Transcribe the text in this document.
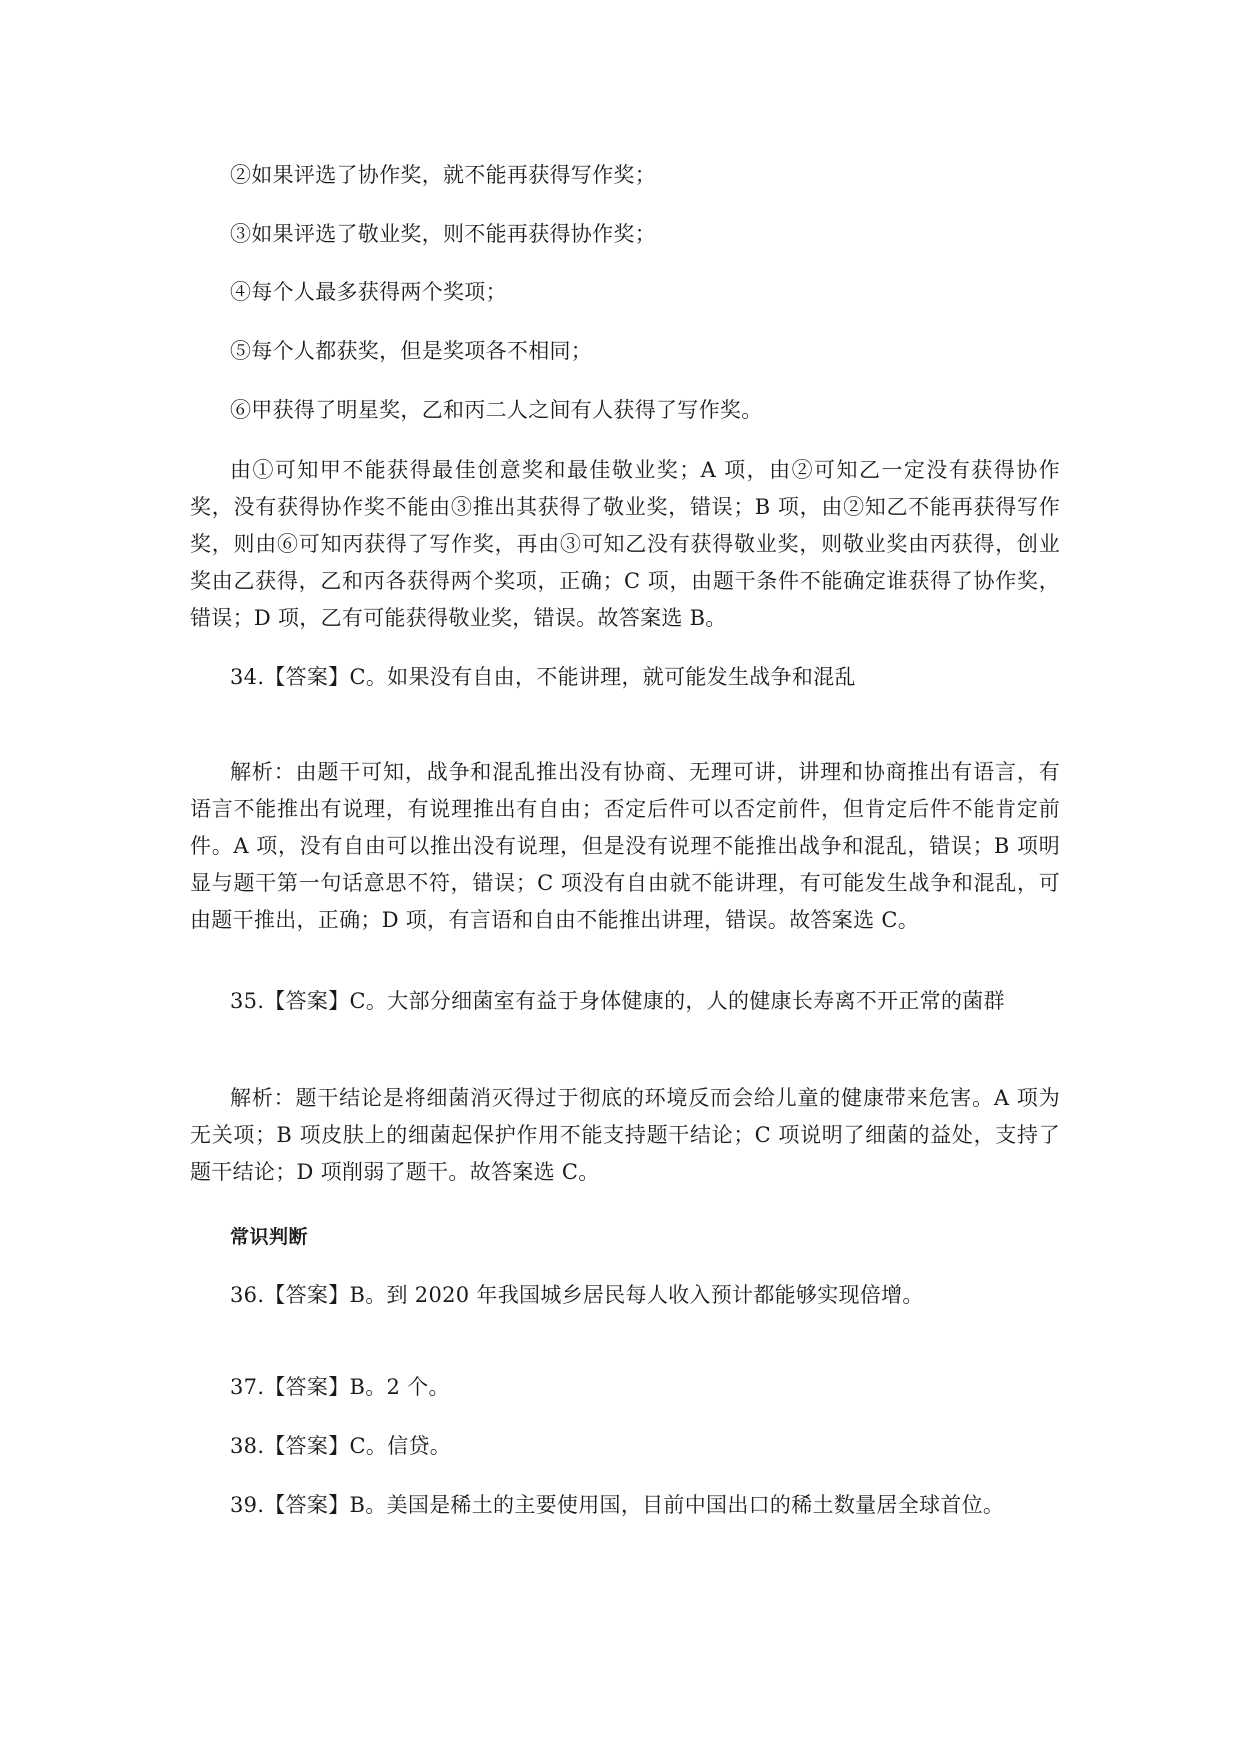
②如果评选了协作奖，就不能再获得写作奖；
③如果评选了敬业奖，则不能再获得协作奖；
④每个人最多获得两个奖项；
⑤每个人都获奖，但是奖项各不相同；
⑥甲获得了明星奖，乙和丙二人之间有人获得了写作奖。
由①可知甲不能获得最佳创意奖和最佳敬业奖；A 项，由②可知乙一定没有获得协作奖，没有获得协作奖不能由③推出其获得了敬业奖，错误；B 项，由②知乙不能再获得写作奖，则由⑥可知丙获得了写作奖，再由③可知乙没有获得敬业奖，则敬业奖由丙获得，创业奖由乙获得，乙和丙各获得两个奖项，正确；C 项，由题干条件不能确定谁获得了协作奖，错误；D 项，乙有可能获得敬业奖，错误。故答案选 B。
34.【答案】C。如果没有自由，不能讲理，就可能发生战争和混乱
解析：由题干可知，战争和混乱推出没有协商、无理可讲，讲理和协商推出有语言，有语言不能推出有说理，有说理推出有自由；否定后件可以否定前件，但肯定后件不能肯定前件。A 项，没有自由可以推出没有说理，但是没有说理不能推出战争和混乱，错误；B 项明显与题干第一句话意思不符，错误；C 项没有自由就不能讲理，有可能发生战争和混乱，可由题干推出，正确；D 项，有言语和自由不能推出讲理，错误。故答案选 C。
35.【答案】C。大部分细菌室有益于身体健康的，人的健康长寿离不开正常的菌群
解析：题干结论是将细菌消灭得过于彻底的环境反而会给儿童的健康带来危害。A 项为无关项；B 项皮肤上的细菌起保护作用不能支持题干结论；C 项说明了细菌的益处，支持了题干结论；D 项削弱了题干。故答案选 C。
常识判断
36.【答案】B。到 2020 年我国城乡居民每人收入预计都能够实现倍增。
37.【答案】B。2 个。
38.【答案】C。信贷。
39.【答案】B。美国是稀土的主要使用国，目前中国出口的稀土数量居全球首位。
